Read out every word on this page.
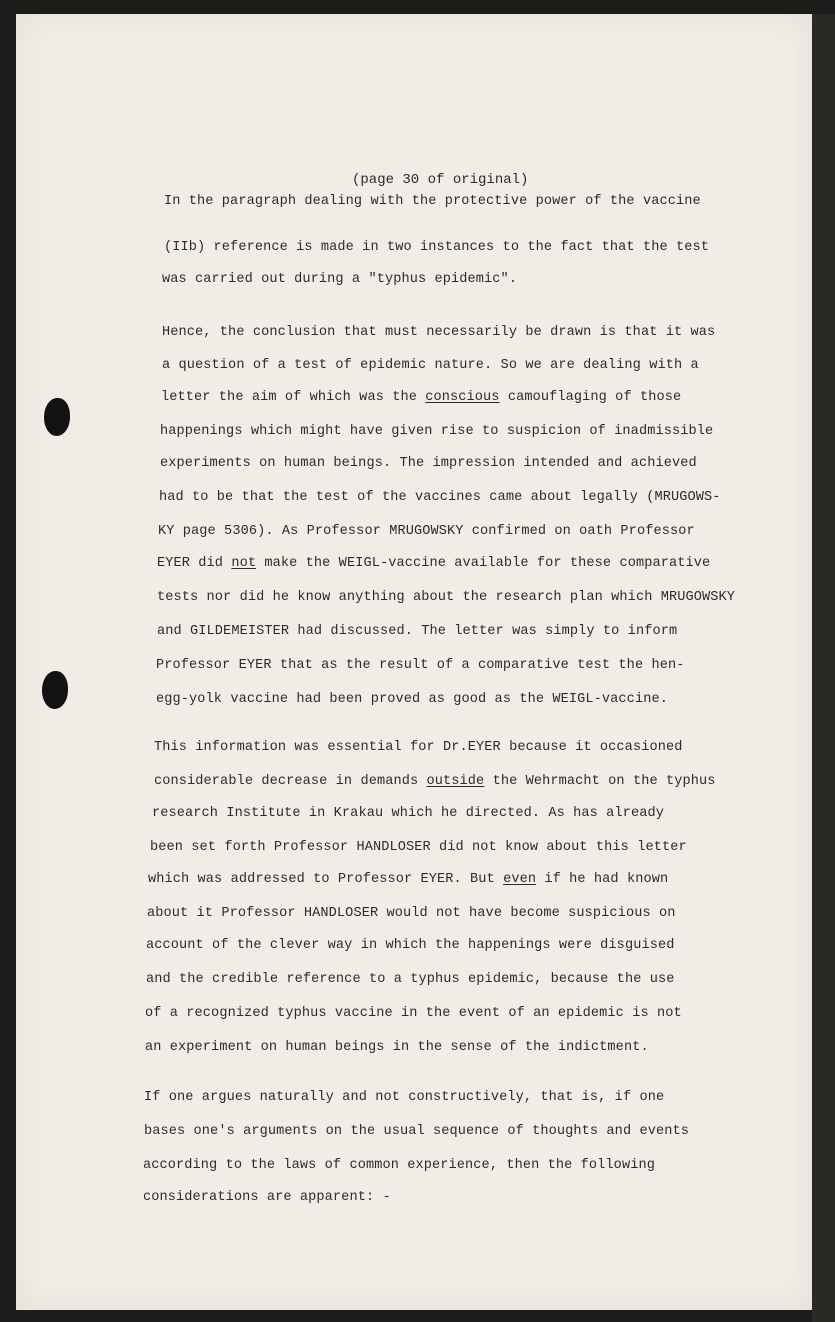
(page 30 of original)
In the paragraph dealing with the protective power of the vaccine
(IIb) reference is made in two instances to the fact that the test
was carried out during a "typhus epidemic".
Hence, the conclusion that must necessarily be drawn is that it was
a question of a test of epidemic nature. So we are dealing with a
letter the aim of which was the conscious camouflaging of those
happenings which might have given rise to suspicion of inadmissible
experiments on human beings. The impression intended and achieved
had to be that the test of the vaccines came about legally (MRUGOWS-
KY page 5306). As Professor MRUGOWSKY confirmed on oath Professor
EYER did not make the WEIGL-vaccine available for these comparative
tests nor did he know anything about the research plan which MRUGOWSKY
and GILDEMEISTER had discussed. The letter was simply to inform
Professor EYER that as the result of a comparative test the hen-
egg-yolk vaccine had been proved as good as the WEIGL-vaccine.
This information was essential for Dr.EYER because it occasioned
considerable decrease in demands outside the Wehrmacht on the typhus
research Institute in Krakau which he directed. As has already
been set forth Professor HANDLOSER did not know about this letter
which was addressed to Professor EYER. But even if he had known
about it Professor HANDLOSER would not have become suspicious on
account of the clever way in which the happenings were disguised
and the credible reference to a typhus epidemic, because the use
of a recognized typhus vaccine in the event of an epidemic is not
an experiment on human beings in the sense of the indictment.
If one argues naturally and not constructively, that is, if one
bases one's arguments on the usual sequence of thoughts and events
according to the laws of common experience, then the following
considerations are apparent: -
